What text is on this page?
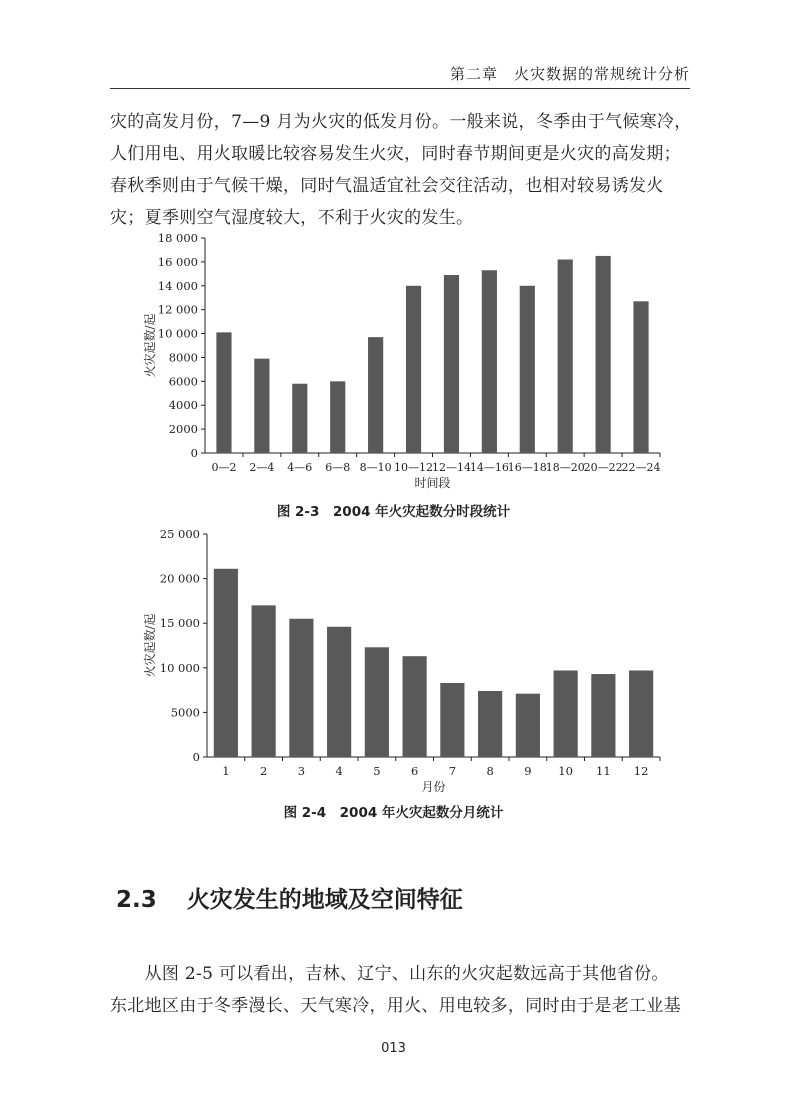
第二章　火灾数据的常规统计分析
灾的高发月份，7—9 月为火灾的低发月份。一般来说，冬季由于气候寒冷，
人们用电、用火取暖比较容易发生火灾，同时春节期间更是火灾的高发期；
春秋季则由于气候干燥，同时气温适宜社会交往活动，也相对较易诱发火
灾；夏季则空气湿度较大，不利于火灾的发生。
0
2000
4000
6000
8000
10 000
12 000
14 000
16 000
18 000
0—2 2—4 4—6 6—8 8—10 10—12
12—14
14—16
16—18
18—20
20—22
22—24
时间段
火灾起数/起
图 2-3　2004 年火灾起数分时段统计
0
5000
10 000
15 000
20 000
25 000
1	2	3	4	5	6	7	8	9 10 11 12
月份
火灾起数/起
图 2-4　2004 年火灾起数分月统计
2.3 火灾发生的地域及空间特征
　　从图 2-5 可以看出，吉林、辽宁、山东的火灾起数远高于其他省份。
东北地区由于冬季漫长、天气寒冷，用火、用电较多，同时由于是老工业基
013
